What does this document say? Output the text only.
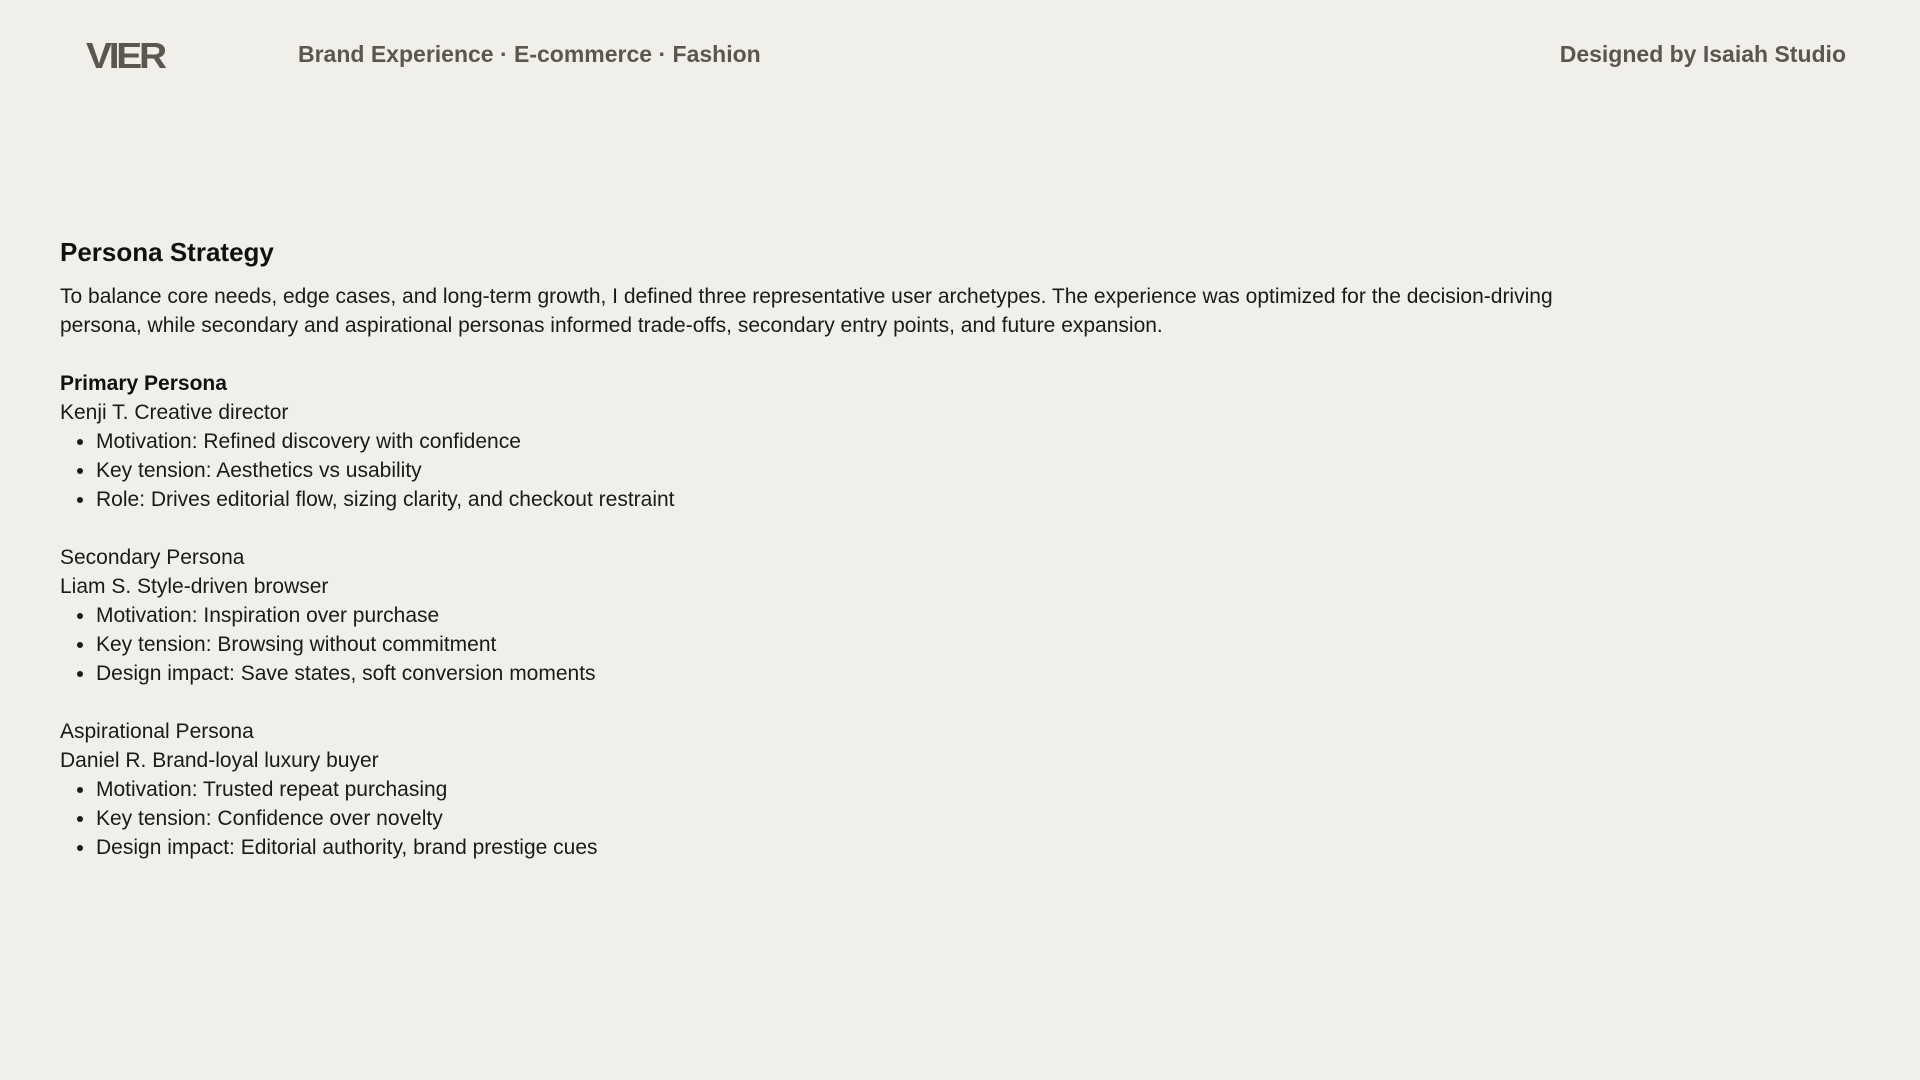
VIER	Brand Experience · E-commerce · Fashion	Designed by Isaiah Studio
Persona Strategy

To balance core needs, edge cases, and long-term growth, I defined three representative user archetypes. The experience was optimized for the decision-driving persona, while secondary and aspirational personas informed trade-offs, secondary entry points, and future expansion.

Primary Persona
Kenji T. Creative director
• Motivation: Refined discovery with confidence
• Key tension: Aesthetics vs usability
• Role: Drives editorial flow, sizing clarity, and checkout restraint
Secondary Persona
Liam S. Style-driven browser
• Motivation: Inspiration over purchase
• Key tension: Browsing without commitment
• Design impact: Save states, soft conversion moments
Aspirational Persona
Daniel R. Brand-loyal luxury buyer
• Motivation: Trusted repeat purchasing
• Key tension: Confidence over novelty
• Design impact: Editorial authority, brand prestige cues
